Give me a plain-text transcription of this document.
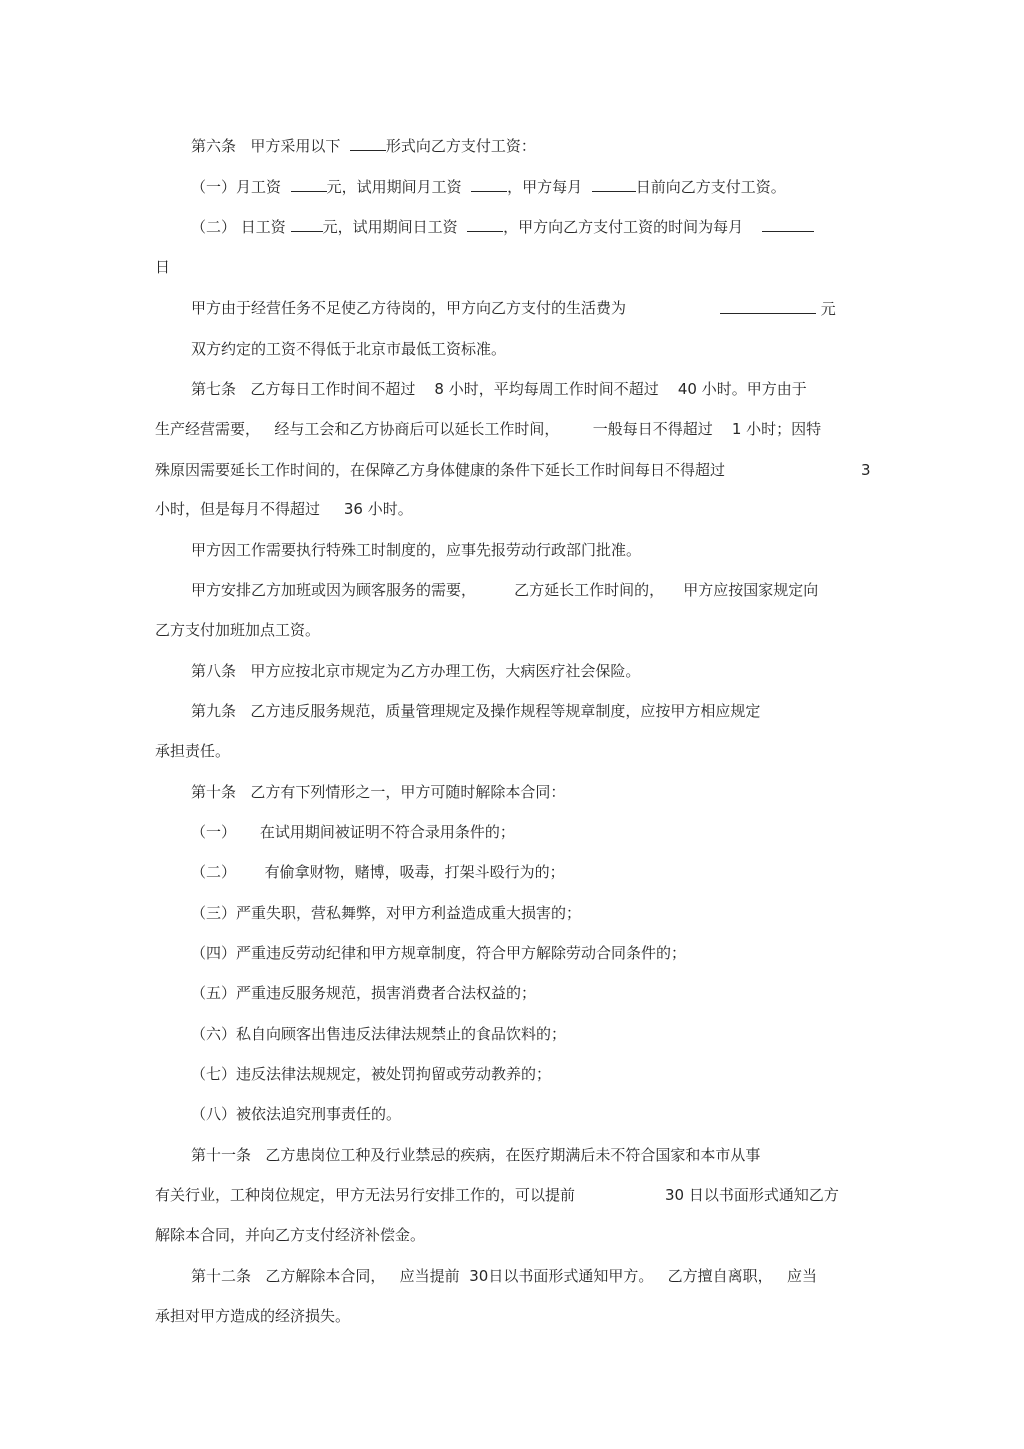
第六条 甲方采用以下	形式向乙方支付工资：
（一）月工资	元，试用期间月工资	，甲方每月	日前向乙方支付工资。
（二） 日工资 元，试用期间日工资	，甲方向乙方支付工资的时间为每月
日
甲方由于经营任务不足使乙方待岗的，甲方向乙方支付的生活费为	元
双方约定的工资不得低于北京市最低工资标准。
第七条 乙方每日工作时间不超过 8 小时，平均每周工作时间不超过 40 小时。甲方由于
生产经营需要， 经与工会和乙方协商后可以延长工作时间， 一般每日不得超过 1 小时；因特
殊原因需要延长工作时间的，在保障乙方身体健康的条件下延长工作时间每日不得超过	3
小时，但是每月不得超过 36 小时。
甲方因工作需要执行特殊工时制度的，应事先报劳动行政部门批准。
甲方安排乙方加班或因为顾客服务的需要，	乙方延长工作时间的， 甲方应按国家规定向
乙方支付加班加点工资。
第八条 甲方应按北京市规定为乙方办理工伤，大病医疗社会保险。
第九条 乙方违反服务规范，质量管理规定及操作规程等规章制度，应按甲方相应规定
承担责任。
第十条 乙方有下列情形之一，甲方可随时解除本合同：
（一） 在试用期间被证明不符合录用条件的；
（二） 有偷拿财物，赌博，吸毒，打架斗殴行为的；
（三）严重失职，营私舞弊，对甲方利益造成重大损害的；
（四）严重违反劳动纪律和甲方规章制度，符合甲方解除劳动合同条件的；
（五）严重违反服务规范，损害消费者合法权益的；
（六）私自向顾客出售违反法律法规禁止的食品饮料的；
（七）违反法律法规规定，被处罚拘留或劳动教养的；
（八）被依法追究刑事责任的。
第十一条 乙方患岗位工种及行业禁忌的疾病，在医疗期满后未不符合国家和本市从事
有关行业，工种岗位规定，甲方无法另行安排工作的，可以提前	30 日以书面形式通知乙方
解除本合同，并向乙方支付经济补偿金。
第十二条 乙方解除本合同， 应当提前 30日以书面形式通知甲方。 乙方擅自离职， 应当
承担对甲方造成的经济损失。
